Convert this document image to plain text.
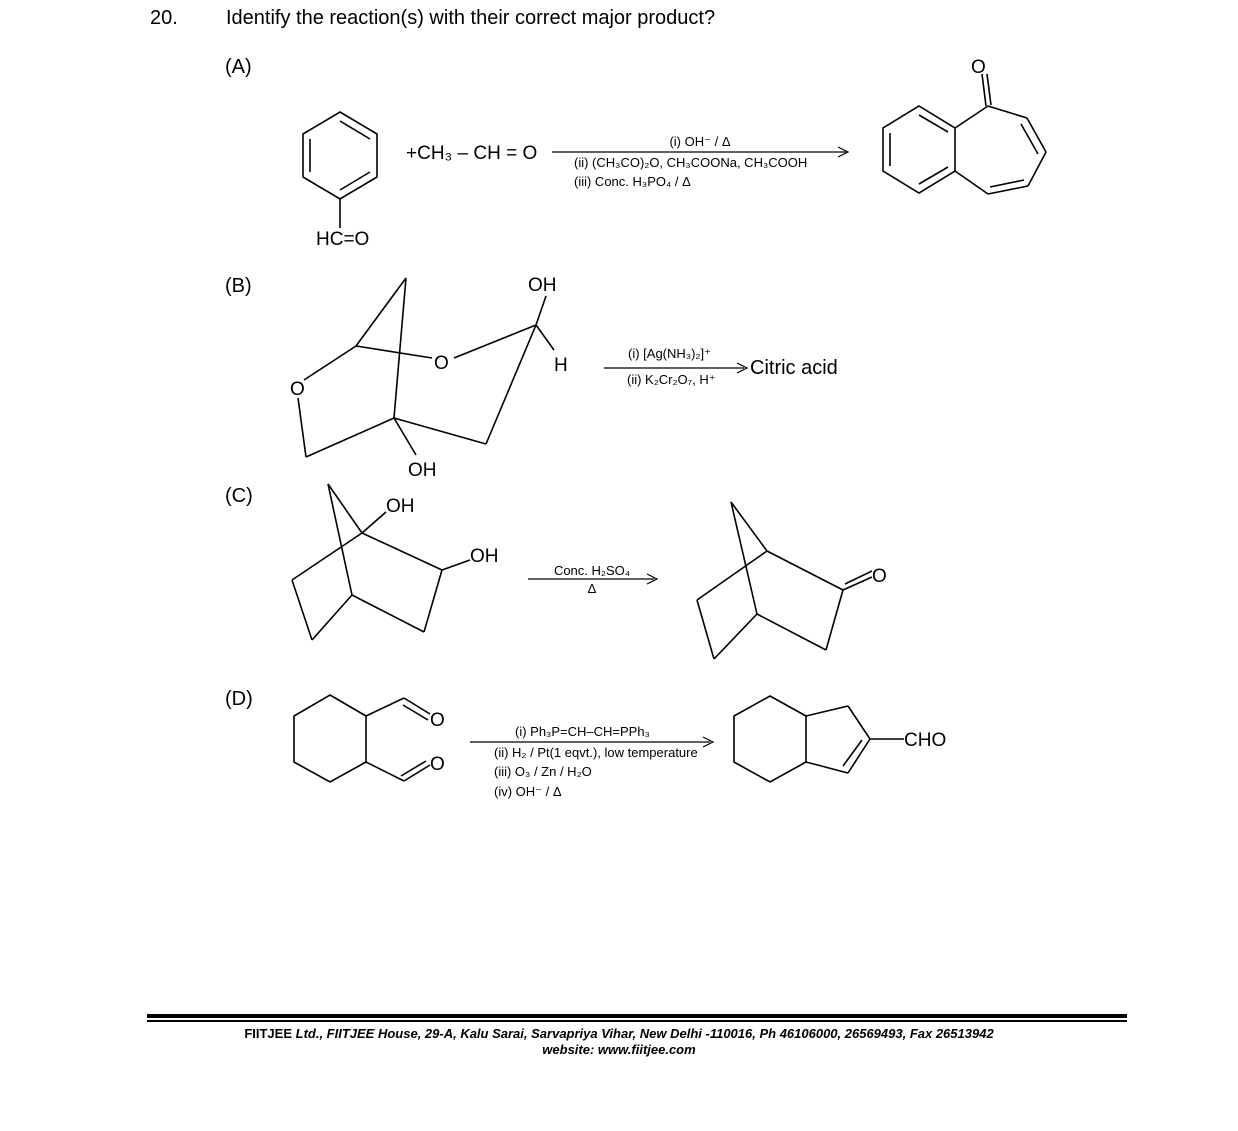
20. Identify the reaction(s) with their correct major product?
(A)
(B)
(C)
(D)
HC=O
+CH₃ – CH = O
(i) OH⁻ / Δ
(ii) (CH₃CO)₂O, CH₃COONa, CH₃COOH
(iii) Conc. H₃PO₄ / Δ
O
OH
O
O	H
OH
(i) [Ag(NH₃)₂]⁺
(ii) K₂Cr₂O₇, H⁺
Citric acid
OH
OH
Conc. H₂SO₄
Δ
O
O
O
(i) Ph₃P=CH–CH=PPh₃
(ii) H₂ / Pt(1 eqvt.), low temperature
(iii) O₃ / Zn / H₂O
(iv) OH⁻ / Δ
CHO
FIITJEE Ltd., FIITJEE House, 29-A, Kalu Sarai, Sarvapriya Vihar, New Delhi -110016, Ph 46106000, 26569493, Fax 26513942
website: www.fiitjee.com
